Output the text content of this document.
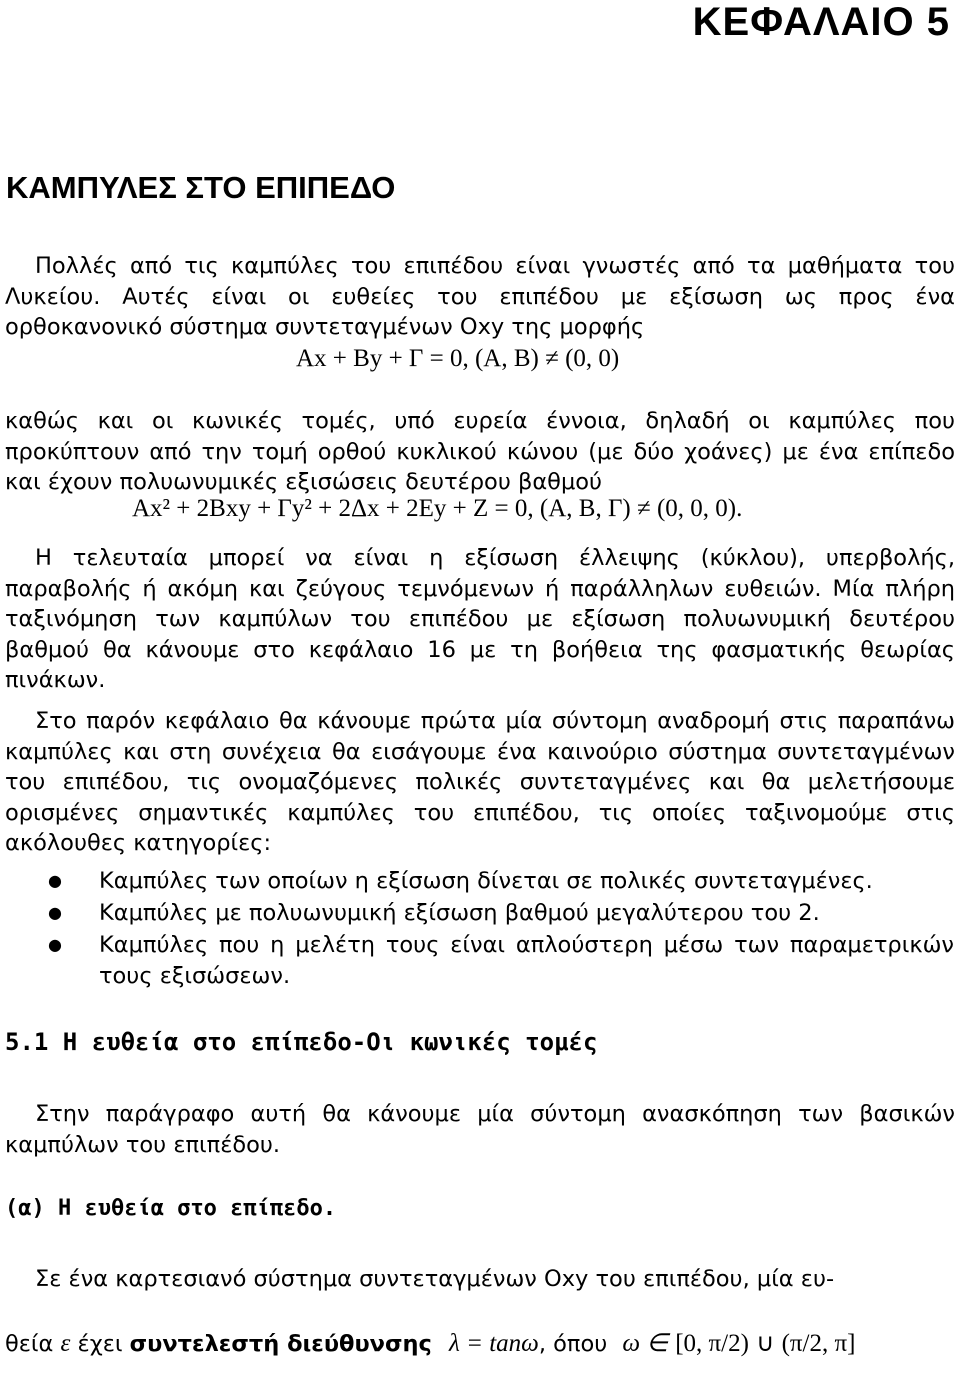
ΚΕΦΑΛΑΙΟ 5
ΚΑΜΠΥΛΕΣ ΣΤΟ ΕΠΙΠΕΔΟ

Πολλές από τις καμπύλες του επιπέδου είναι γνωστές από τα μαθήματα του Λυκείου. Αυτές είναι οι ευθείες του επιπέδου με εξίσωση ως προς ένα ορθοκανονικό σύστημα συντεταγμένων Oxy της μορφής

Αx + Βy + Γ = 0, (Α, Β) ≠ (0, 0)

καθώς και οι κωνικές τομές, υπό ευρεία έννοια, δηλαδή οι καμπύλες που προκύπτουν από την τομή ορθού κυκλικού κώνου (με δύο χοάνες) με ένα επίπεδο και έχουν πολυωνυμικές εξισώσεις δευτέρου βαθμού

Αx² + 2Βxy + Γy² + 2Δx + 2Εy + Ζ = 0, (Α, Β, Γ) ≠ (0, 0, 0).

Η τελευταία μπορεί να είναι η εξίσωση έλλειψης (κύκλου), υπερβολής, παραβολής ή ακόμη και ζεύγους τεμνόμενων ή παράλληλων ευθειών. Μία πλήρη ταξινόμηση των καμπύλων του επιπέδου με εξίσωση πολυωνυμική δευτέρου βαθμού θα κάνουμε στο κεφάλαιο 16 με τη βοήθεια της φασματικής θεωρίας πινάκων.

Στο παρόν κεφάλαιο θα κάνουμε πρώτα μία σύντομη αναδρομή στις παραπάνω καμπύλες και στη συνέχεια θα εισάγουμε ένα καινούριο σύστημα συντεταγμένων του επιπέδου, τις ονομαζόμενες πολικές συντεταγμένες και θα μελετήσουμε ορισμένες σημαντικές καμπύλες του επιπέδου, τις οποίες ταξινομούμε στις ακόλουθες κατηγορίες:

● Καμπύλες των οποίων η εξίσωση δίνεται σε πολικές συντεταγμένες.
● Καμπύλες με πολυωνυμική εξίσωση βαθμού μεγαλύτερου του 2.
● Καμπύλες που η μελέτη τους είναι απλούστερη μέσω των παραμετρικών τους εξισώσεων.
5.1 Η ευθεία στο επίπεδο-Οι κωνικές τομές

Στην παράγραφο αυτή θα κάνουμε μία σύντομη ανασκόπηση των βασικών καμπύλων του επιπέδου.

(α) Η ευθεία στο επίπεδο.

Σε ένα καρτεσιανό σύστημα συντεταγμένων Oxy του επιπέδου, μία ευ-

θεία ε έχει συντελεστή διεύθυνσης λ = tanω, όπου ω ∈ [0, π/2) ∪ (π/2, π]
